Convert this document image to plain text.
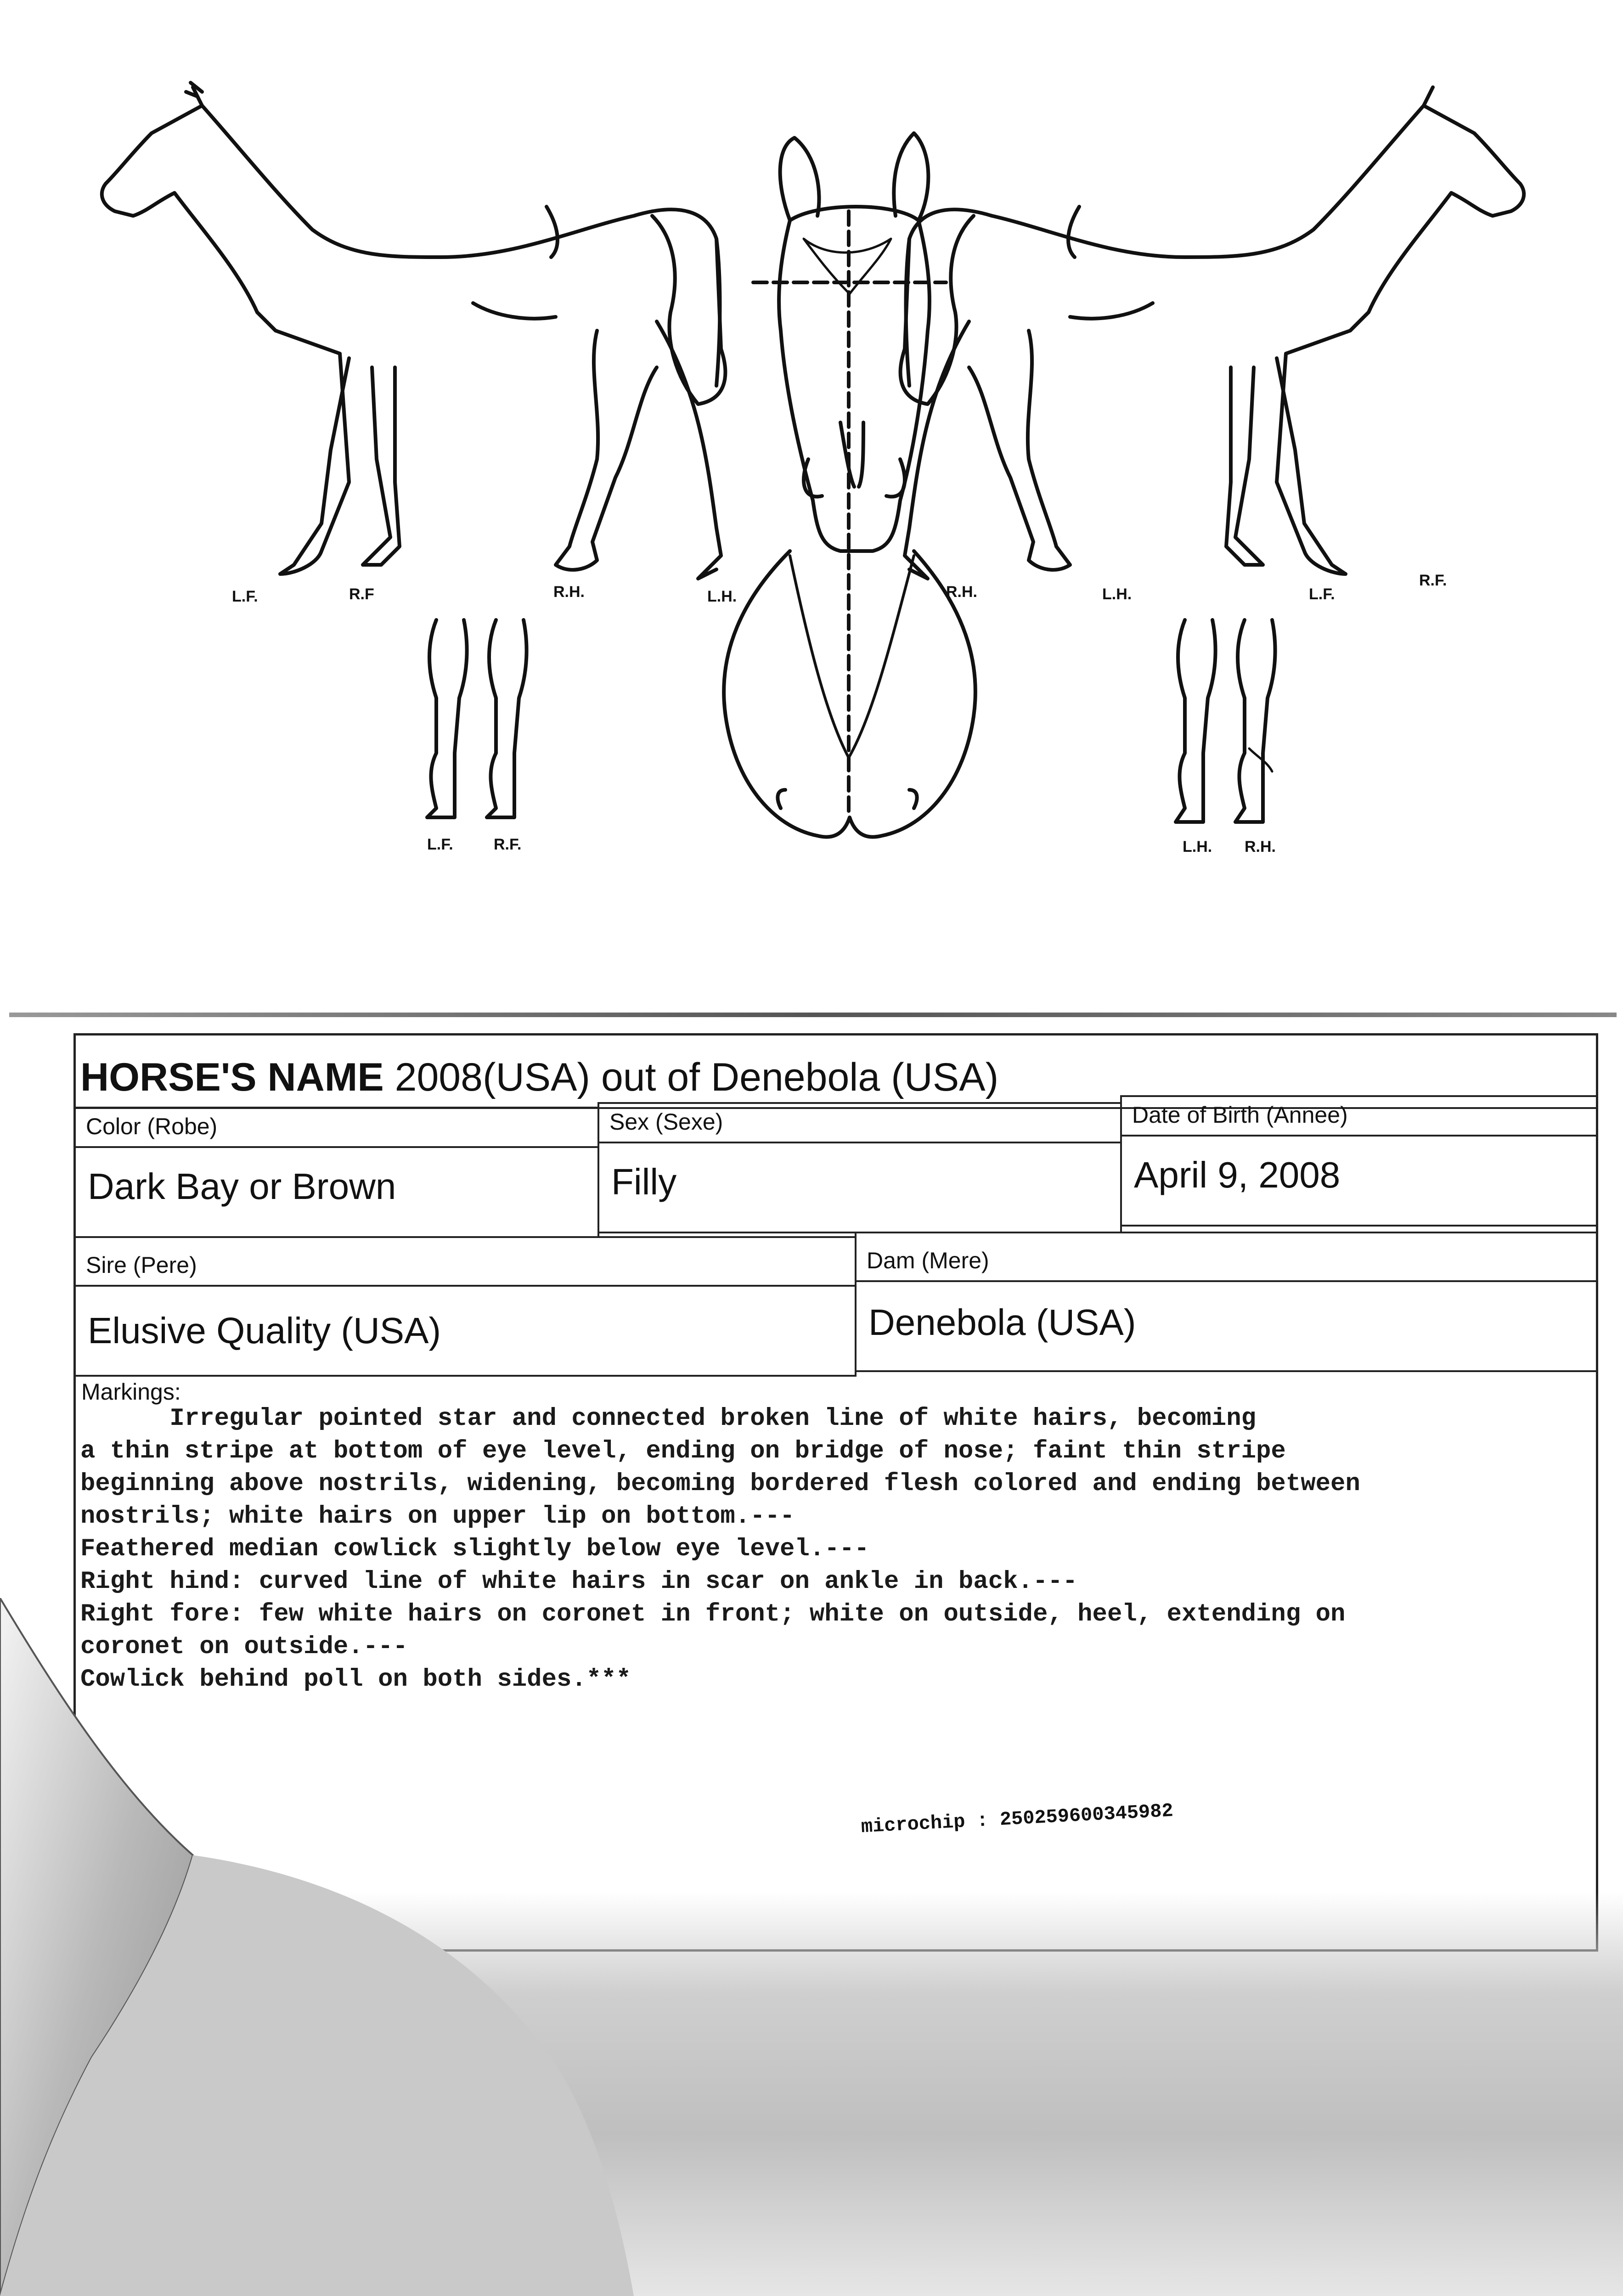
L.F.	R.F	R.H.	L.H.	R.H.	L.H.	L.F.
R.F.
L.F.	R.F.	L.H. R.H.
HORSE'S NAME 2008(USA) out of Denebola (USA)
Color (Robe)	Sex (Sexe)	Date of Birth (Annee)
Dark Bay or Brown	Filly	April 9, 2008
Sire (Pere)	Dam (Mere)
Elusive Quality (USA)	Denebola (USA)
Markings:
Irregular pointed star and connected broken line of white hairs, becoming
a thin stripe at bottom of eye level, ending on bridge of nose; faint thin stripe
beginning above nostrils, widening, becoming bordered flesh colored and ending between
nostrils; white hairs on upper lip on bottom.---
Feathered median cowlick slightly below eye level.---
Right hind: curved line of white hairs in scar on ankle in back.---
Right fore: few white hairs on coronet in front; white on outside, heel, extending on
coronet on outside.---
Cowlick behind poll on both sides.***
microchip : 250259600345982
